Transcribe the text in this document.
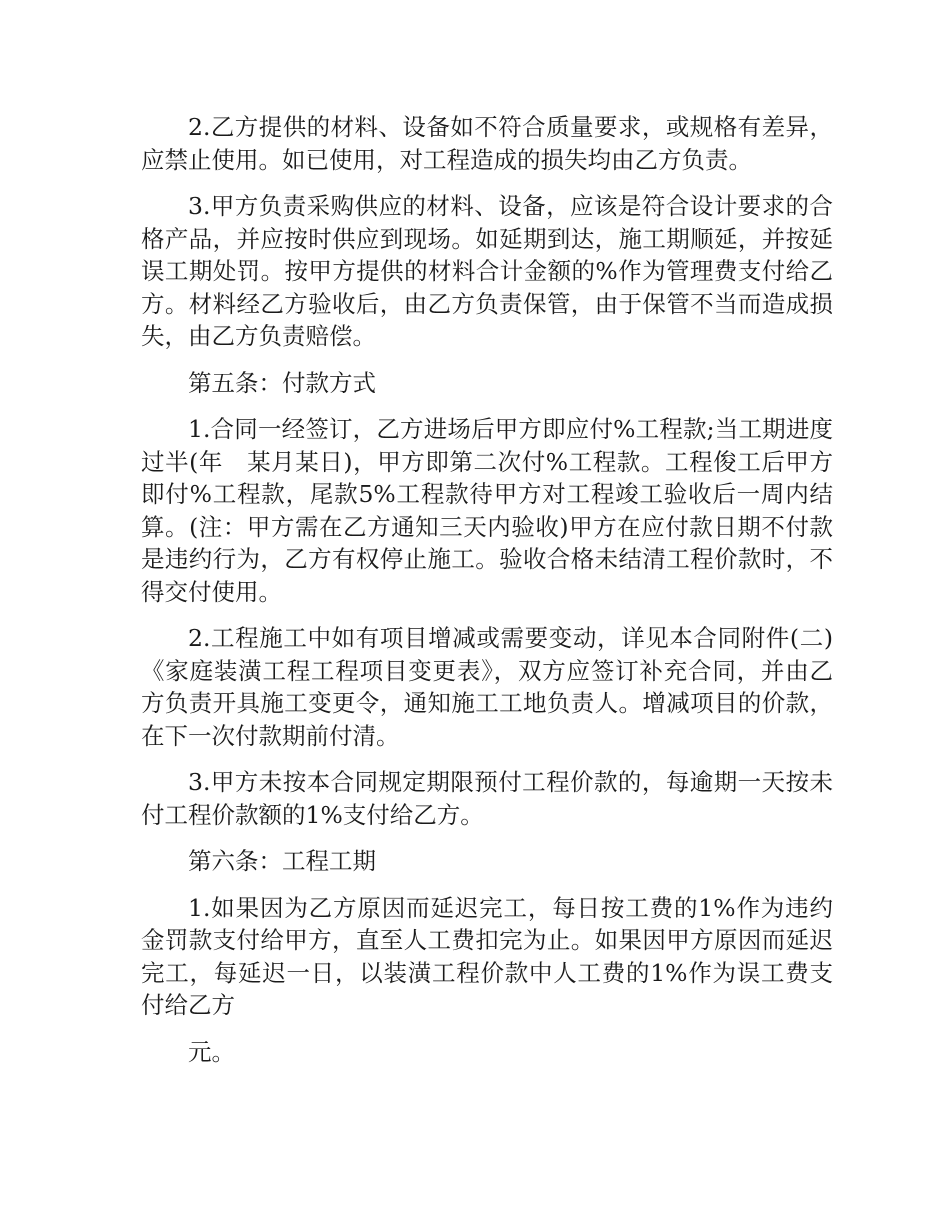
2.乙方提供的材料、设备如不符合质量要求，或规格有差异，应禁止使用。如已使用，对工程造成的损失均由乙方负责。

3.甲方负责采购供应的材料、设备，应该是符合设计要求的合格产品，并应按时供应到现场。如延期到达，施工期顺延，并按延误工期处罚。按甲方提供的材料合计金额的%作为管理费支付给乙方。材料经乙方验收后，由乙方负责保管，由于保管不当而造成损失，由乙方负责赔偿。

第五条：付款方式

1.合同一经签订，乙方进场后甲方即应付%工程款;当工期进度过半(年　某月某日)，甲方即第二次付%工程款。工程俊工后甲方即付%工程款，尾款5%工程款待甲方对工程竣工验收后一周内结算。(注：甲方需在乙方通知三天内验收)甲方在应付款日期不付款是违约行为，乙方有权停止施工。验收合格未结清工程价款时，不得交付使用。

2.工程施工中如有项目增减或需要变动，详见本合同附件(二)《家庭装潢工程工程项目变更表》，双方应签订补充合同，并由乙方负责开具施工变更令，通知施工工地负责人。增减项目的价款，在下一次付款期前付清。

3.甲方未按本合同规定期限预付工程价款的，每逾期一天按未付工程价款额的1%支付给乙方。

第六条：工程工期

1.如果因为乙方原因而延迟完工，每日按工费的1%作为违约金罚款支付给甲方，直至人工费扣完为止。如果因甲方原因而延迟完工，每延迟一日，以装潢工程价款中人工费的1%作为误工费支付给乙方

元。
